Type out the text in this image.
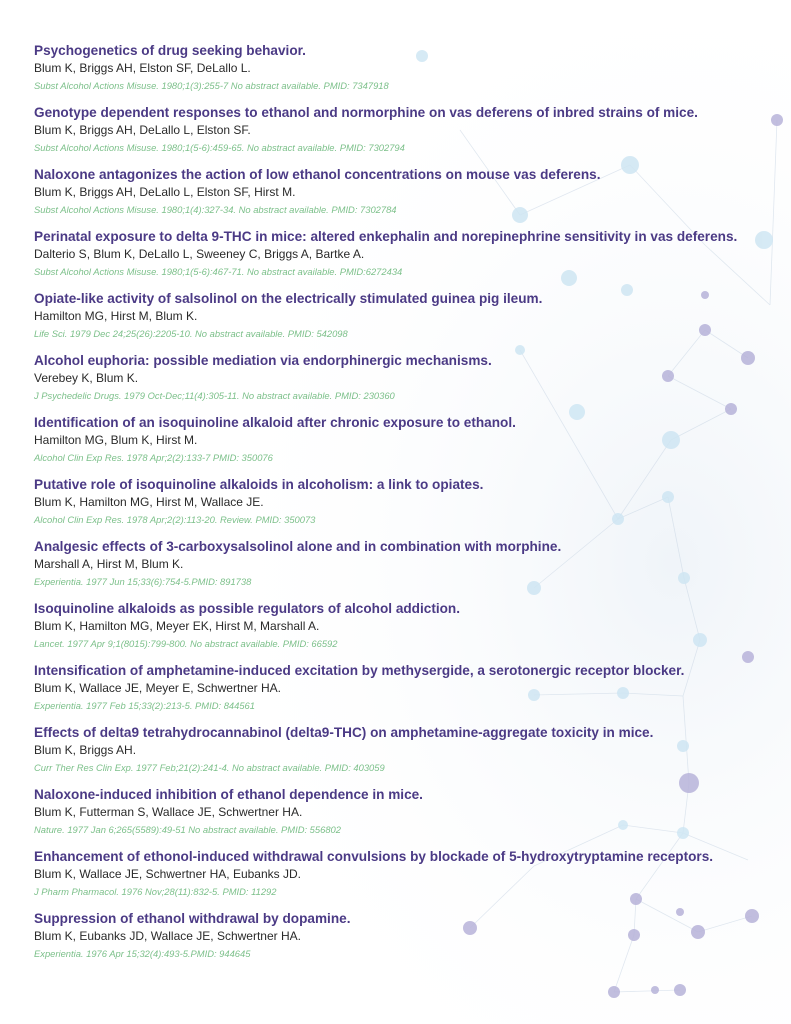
Psychogenetics of drug seeking behavior.
Blum K, Briggs AH, Elston SF, DeLallo L.
Subst Alcohol Actions Misuse. 1980;1(3):255-7 No abstract available. PMID: 7347918
Genotype dependent responses to ethanol and normorphine on vas deferens of inbred strains of mice.
Blum K, Briggs AH, DeLallo L, Elston SF.
Subst Alcohol Actions Misuse. 1980;1(5-6):459-65. No abstract available. PMID: 7302794
Naloxone antagonizes the action of low ethanol concentrations on mouse vas deferens.
Blum K, Briggs AH, DeLallo L, Elston SF, Hirst M.
Subst Alcohol Actions Misuse. 1980;1(4):327-34. No abstract available. PMID: 7302784
Perinatal exposure to delta 9-THC in mice: altered enkephalin and norepinephrine sensitivity in vas deferens.
Dalterio S, Blum K, DeLallo L, Sweeney C, Briggs A, Bartke A.
Subst Alcohol Actions Misuse. 1980;1(5-6):467-71. No abstract available. PMID:6272434
Opiate-like activity of salsolinol on the electrically stimulated guinea pig ileum.
Hamilton MG, Hirst M, Blum K.
Life Sci. 1979 Dec 24;25(26):2205-10. No abstract available. PMID: 542098
Alcohol euphoria: possible mediation via endorphinergic mechanisms.
Verebey K, Blum K.
J Psychedelic Drugs. 1979 Oct-Dec;11(4):305-11. No abstract available. PMID: 230360
Identification of an isoquinoline alkaloid after chronic exposure to ethanol.
Hamilton MG, Blum K, Hirst M.
Alcohol Clin Exp Res. 1978 Apr;2(2):133-7 PMID: 350076
Putative role of isoquinoline alkaloids in alcoholism: a link to opiates.
Blum K, Hamilton MG, Hirst M, Wallace JE.
Alcohol Clin Exp Res. 1978 Apr;2(2):113-20. Review. PMID: 350073
Analgesic effects of 3-carboxysalsolinol alone and in combination with morphine.
Marshall A, Hirst M, Blum K.
Experientia. 1977 Jun 15;33(6):754-5.PMID: 891738
Isoquinoline alkaloids as possible regulators of alcohol addiction.
Blum K, Hamilton MG, Meyer EK, Hirst M, Marshall A.
Lancet. 1977 Apr 9;1(8015):799-800. No abstract available. PMID: 66592
Intensification of amphetamine-induced excitation by methysergide, a serotonergic receptor blocker.
Blum K, Wallace JE, Meyer E, Schwertner HA.
Experientia. 1977 Feb 15;33(2):213-5. PMID: 844561
Effects of delta9 tetrahydrocannabinol (delta9-THC) on amphetamine-aggregate toxicity in mice.
Blum K, Briggs AH.
Curr Ther Res Clin Exp. 1977 Feb;21(2):241-4. No abstract available. PMID: 403059
Naloxone-induced inhibition of ethanol dependence in mice.
Blum K, Futterman S, Wallace JE, Schwertner HA.
Nature. 1977 Jan 6;265(5589):49-51 No abstract available. PMID: 556802
Enhancement of ethonol-induced withdrawal convulsions by blockade of 5-hydroxytryptamine receptors.
Blum K, Wallace JE, Schwertner HA, Eubanks JD.
J Pharm Pharmacol. 1976 Nov;28(11):832-5. PMID: 11292
Suppression of ethanol withdrawal by dopamine.
Blum K, Eubanks JD, Wallace JE, Schwertner HA.
Experientia. 1976 Apr 15;32(4):493-5.PMID: 944645
